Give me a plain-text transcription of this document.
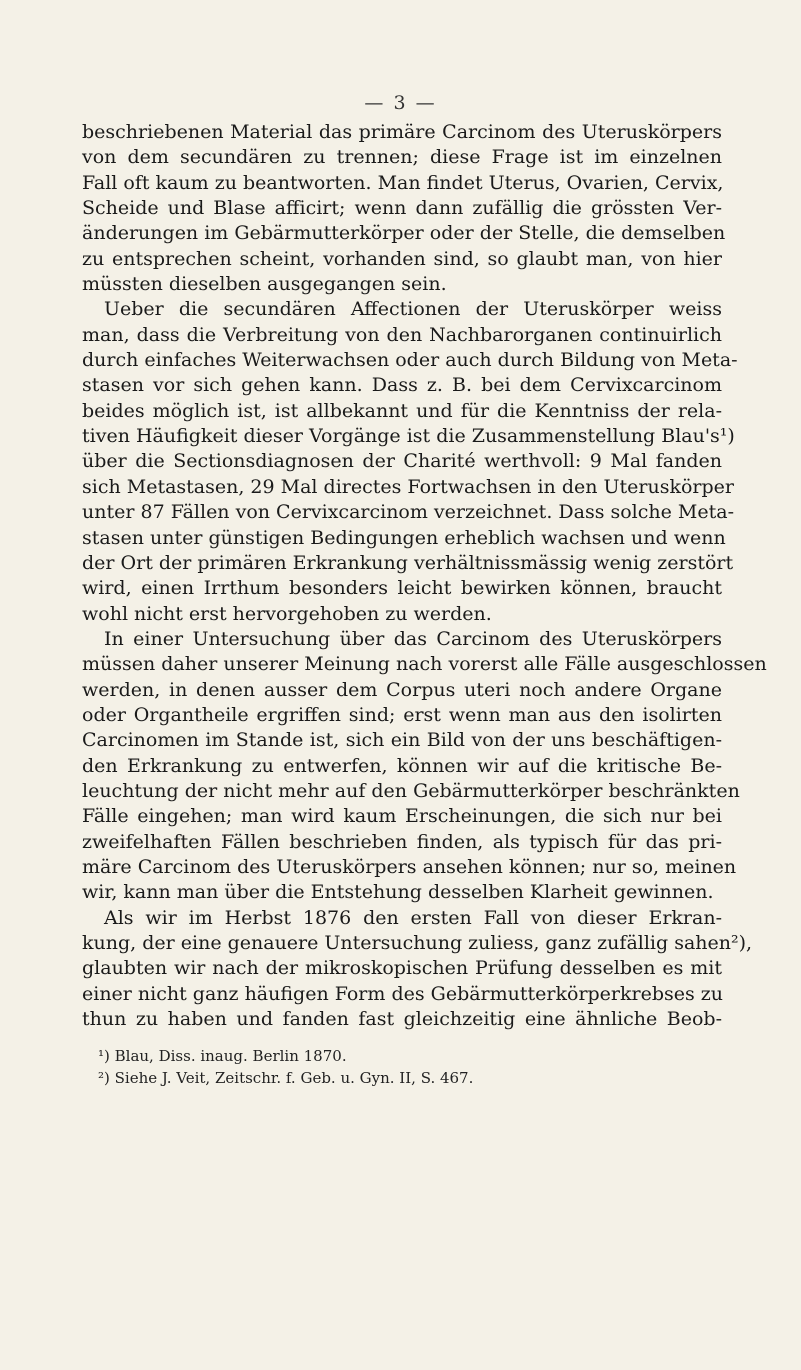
— 3 —
beschriebenen Material das primäre Carcinom des Uteruskörpers
von dem secundären zu trennen; diese Frage ist im einzelnen
Fall oft kaum zu beantworten. Man findet Uterus, Ovarien, Cervix,
Scheide und Blase afficirt; wenn dann zufällig die grössten Ver-
änderungen im Gebärmutterkörper oder der Stelle, die demselben
zu entsprechen scheint, vorhanden sind, so glaubt man, von hier
müssten dieselben ausgegangen sein.
Ueber die secundären Affectionen der Uteruskörper weiss
man, dass die Verbreitung von den Nachbarorganen continuirlich
durch einfaches Weiterwachsen oder auch durch Bildung von Meta-
stasen vor sich gehen kann. Dass z. B. bei dem Cervixcarcinom
beides möglich ist, ist allbekannt und für die Kenntniss der rela-
tiven Häufigkeit dieser Vorgänge ist die Zusammenstellung Blau's¹)
über die Sectionsdiagnosen der Charité werthvoll: 9 Mal fanden
sich Metastasen, 29 Mal directes Fortwachsen in den Uteruskörper
unter 87 Fällen von Cervixcarcinom verzeichnet. Dass solche Meta-
stasen unter günstigen Bedingungen erheblich wachsen und wenn
der Ort der primären Erkrankung verhältnissmässig wenig zerstört
wird, einen Irrthum besonders leicht bewirken können, braucht
wohl nicht erst hervorgehoben zu werden.
In einer Untersuchung über das Carcinom des Uteruskörpers
müssen daher unserer Meinung nach vorerst alle Fälle ausgeschlossen
werden, in denen ausser dem Corpus uteri noch andere Organe
oder Organtheile ergriffen sind; erst wenn man aus den isolirten
Carcinomen im Stande ist, sich ein Bild von der uns beschäftigen-
den Erkrankung zu entwerfen, können wir auf die kritische Be-
leuchtung der nicht mehr auf den Gebärmutterkörper beschränkten
Fälle eingehen; man wird kaum Erscheinungen, die sich nur bei
zweifelhaften Fällen beschrieben finden, als typisch für das pri-
märe Carcinom des Uteruskörpers ansehen können; nur so, meinen
wir, kann man über die Entstehung desselben Klarheit gewinnen.
Als wir im Herbst 1876 den ersten Fall von dieser Erkran-
kung, der eine genauere Untersuchung zuliess, ganz zufällig sahen²),
glaubten wir nach der mikroskopischen Prüfung desselben es mit
einer nicht ganz häufigen Form des Gebärmutterkörperkrebses zu
thun zu haben und fanden fast gleichzeitig eine ähnliche Beob-
¹) Blau, Diss. inaug. Berlin 1870.
²) Siehe J. Veit, Zeitschr. f. Geb. u. Gyn. II, S. 467.
